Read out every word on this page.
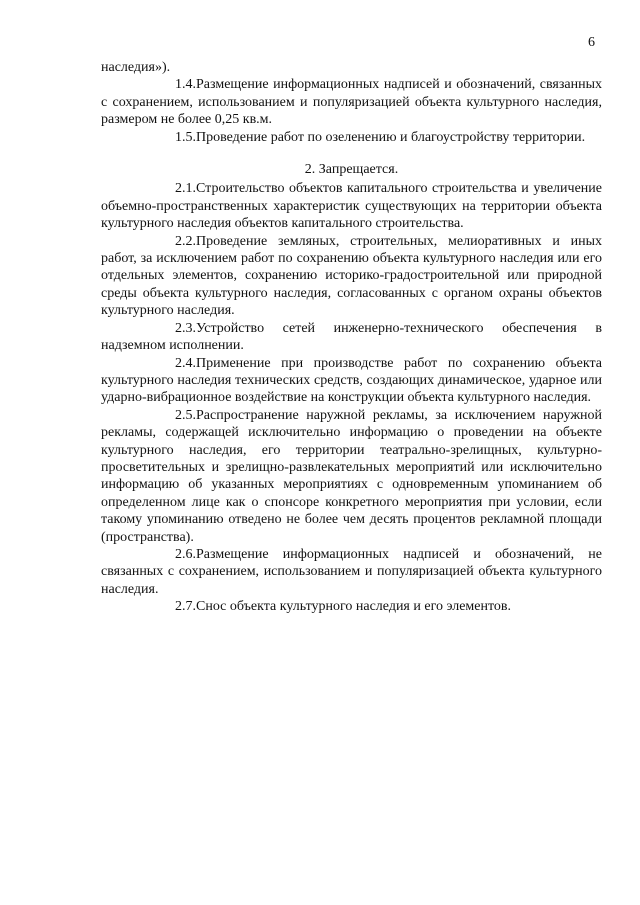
6

наследия»).

1.4.Размещение информационных надписей и обозначений, связанных с сохранением, использованием и популяризацией объекта культурного наследия, размером не более 0,25 кв.м.

1.5.Проведение работ по озеленению и благоустройству территории.

2. Запрещается.

2.1.Строительство объектов капитального строительства и увеличение объемно-пространственных характеристик существующих на территории объекта культурного наследия объектов капитального строительства.

2.2.Проведение земляных, строительных, мелиоративных и иных работ, за исключением работ по сохранению объекта культурного наследия или его отдельных элементов, сохранению историко-градостроительной или природной среды объекта культурного наследия, согласованных с органом охраны объектов культурного наследия.

2.3.Устройство сетей инженерно-технического обеспечения в надземном исполнении.

2.4.Применение при производстве работ по сохранению объекта культурного наследия технических средств, создающих динамическое, ударное или ударно-вибрационное воздействие на конструкции объекта культурного наследия.

2.5.Распространение наружной рекламы, за исключением наружной рекламы, содержащей исключительно информацию о проведении на объекте культурного наследия, его территории театрально-зрелищных, культурно-просветительных и зрелищно-развлекательных мероприятий или исключительно информацию об указанных мероприятиях с одновременным упоминанием об определенном лице как о спонсоре конкретного мероприятия при условии, если такому упоминанию отведено не более чем десять процентов рекламной площади (пространства).

2.6.Размещение информационных надписей и обозначений, не связанных с сохранением, использованием и популяризацией объекта культурного наследия.

2.7.Снос объекта культурного наследия и его элементов.
